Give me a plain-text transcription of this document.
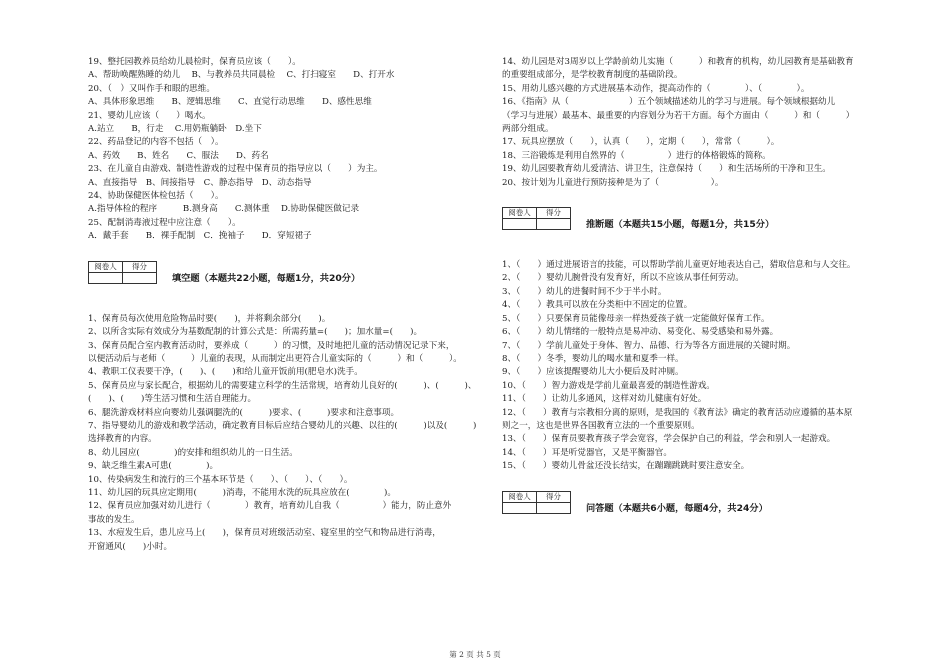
19、整托园教养员给幼儿晨检时，保育员应该（　　）。
A、帮助唤醒熟睡的幼儿　 B、与教养员共同晨检　 C、打扫寝室　　D、打开水
20、（　）又叫作手和眼的思维。
A、具体形象思维　　B、逻辑思维　　C、直觉行动思维　　D、感性思维
21、婴幼儿应该（　　）喝水。
A.站立　　B，行走　 C.用奶瓶躺卧　D.坐下
22、药品登记的内容不包括（　）。
A、药效　　B、姓名　　C、服法　　D、药名
23、在儿童自由游戏、制造性游戏的过程中保育员的指导应以（　　）为主。
A、直接指导　B、间接指导　C、静态指导　D、动态指导
24、协助保健医体检包括（　　）。
A.指导体检的程序　　　B.测身高　　C.测体重　 D.协助保健医做记录
25、配制消毒液过程中应注意（　　）。
A．戴手套　　B．裸手配制　C．挽袖子　　D．穿短裙子
阅卷人	得分

填空题（本题共22小题，每题1分，共20分）
1、保育员每次使用危险物品时要(　　)，并将剩余部分(　　)。
2、以所含实际有效成分为基数配制的计算公式是：所需药量=(　　)；加水量=(　　)。
3、保育员配合室内教育活动时，要养成（　　　）的习惯，及时地把儿童的活动情况记录下来，
以便活动后与老师（　　　）儿童的表现，从而制定出更符合儿童实际的（　　　）和（　　　）。
4、教职工仪表要干净，(　　)、(　　)和给儿童开饭前用(肥皂水)洗手。
5、保育员应与家长配合，根据幼儿的需要建立科学的生活常规，培育幼儿良好的(　　　)、(　　　)、
(　　)、(　　)等生活习惯和生活自理能力。
6、腿洗游戏材料应向婴幼儿强调腿洗的(　　　)要求、(　　　)要求和注意事项。
7、指导婴幼儿的游戏和教学活动，确定教育目标后应结合婴幼儿的兴趣、以往的(　　　)以及(　　　)
选择教育的内容。
8、幼儿园应(　　　　)的安排和组织幼儿的一日生活。
9、缺乏维生素A可患(　　　　)。
10、传染病发生和流行的三个基本环节是（　　）、（　　）、（　　）。
11、幼儿园的玩具应定期用(　　　)消毒，不能用水洗的玩具应放在(　　　　)。
12、保育员应加强对幼儿进行（　　　　）教育，培育幼儿自我（　　　　　）能力，防止意外
事故的发生。
13、水痘发生后，患儿应马上(　　)，保育员对班级活动室、寝室里的空气和物品进行消毒，
开窗通风(　　)小时。
14、幼儿园是对3周岁以上学龄前幼儿实施（　　　）和教育的机构，幼儿园教育是基础教育
的重要组成部分，是学校教育制度的基础阶段。
15、用幼儿感兴趣的方式进展基本动作，提高动作的（　　　　）、（　　　　）。
16、《指南》从（　　　　　　　）五个领域描述幼儿的学习与进展。每个领域根据幼儿
（学习与进展）最基本、最重要的内容划分为若干方面。每个方面由（　　　）和（　　　）
两部分组成。
17、玩具应摆放（　　），认真（　　），定期（　　），常常（　　　）。
18、三浴锻炼是利用自然界的（　　　　　）进行的体格锻炼的简称。
19、幼儿园要教育幼儿爱清洁、讲卫生，注意保持（　　）和生活场所的干净和卫生。
20、按计划为儿童进行预防接种是为了（　　　　　　）。
阅卷人	得分

推断题（本题共15小题，每题1分，共15分）
1、（　　）通过进展语言的技能，可以帮助学前儿童更好地表达自己，猎取信息和与人交往。
2、（　　）婴幼儿腕骨没有发育好，所以不应该从事任何劳动。
3、（　　）幼儿的进餐时间不少于半小时。
4、（　　）教具可以放在分类柜中不固定的位置。
5、（　　）只要保育员能像母亲一样热爱孩子就一定能做好保育工作。
6、（　　）幼儿情绪的一般特点是易冲动、易变化、易受感染和易外露。
7、（　　）学前儿童处于身体、智力、品德、行为等各方面进展的关键时期。
8、（　　）冬季，婴幼儿的喝水量和夏季一样。
9、（　　）应该提醒婴幼儿大小便后及时冲厕。
10、（　　）智力游戏是学前儿童最喜爱的制造性游戏。
11、（　　）让幼儿多通风，这样对幼儿健康有好处。
12、（　　）教育与宗教相分离的原则，是我国的《教育法》确定的教育活动应遵循的基本原
则之一，这也是世界各国教育立法的一个重要原则。
13、（　　）保育员要教育孩子学会宽容，学会保护自己的利益，学会和别人一起游戏。
14、（　　）耳是听觉器官，又是平衡器官。
15、（　　）婴幼儿骨盆还没长结实，在蹦蹦跳跳时要注意安全。
阅卷人	得分

问答题（本题共6小题，每题4分，共24分）
第 2 页 共 5 页
